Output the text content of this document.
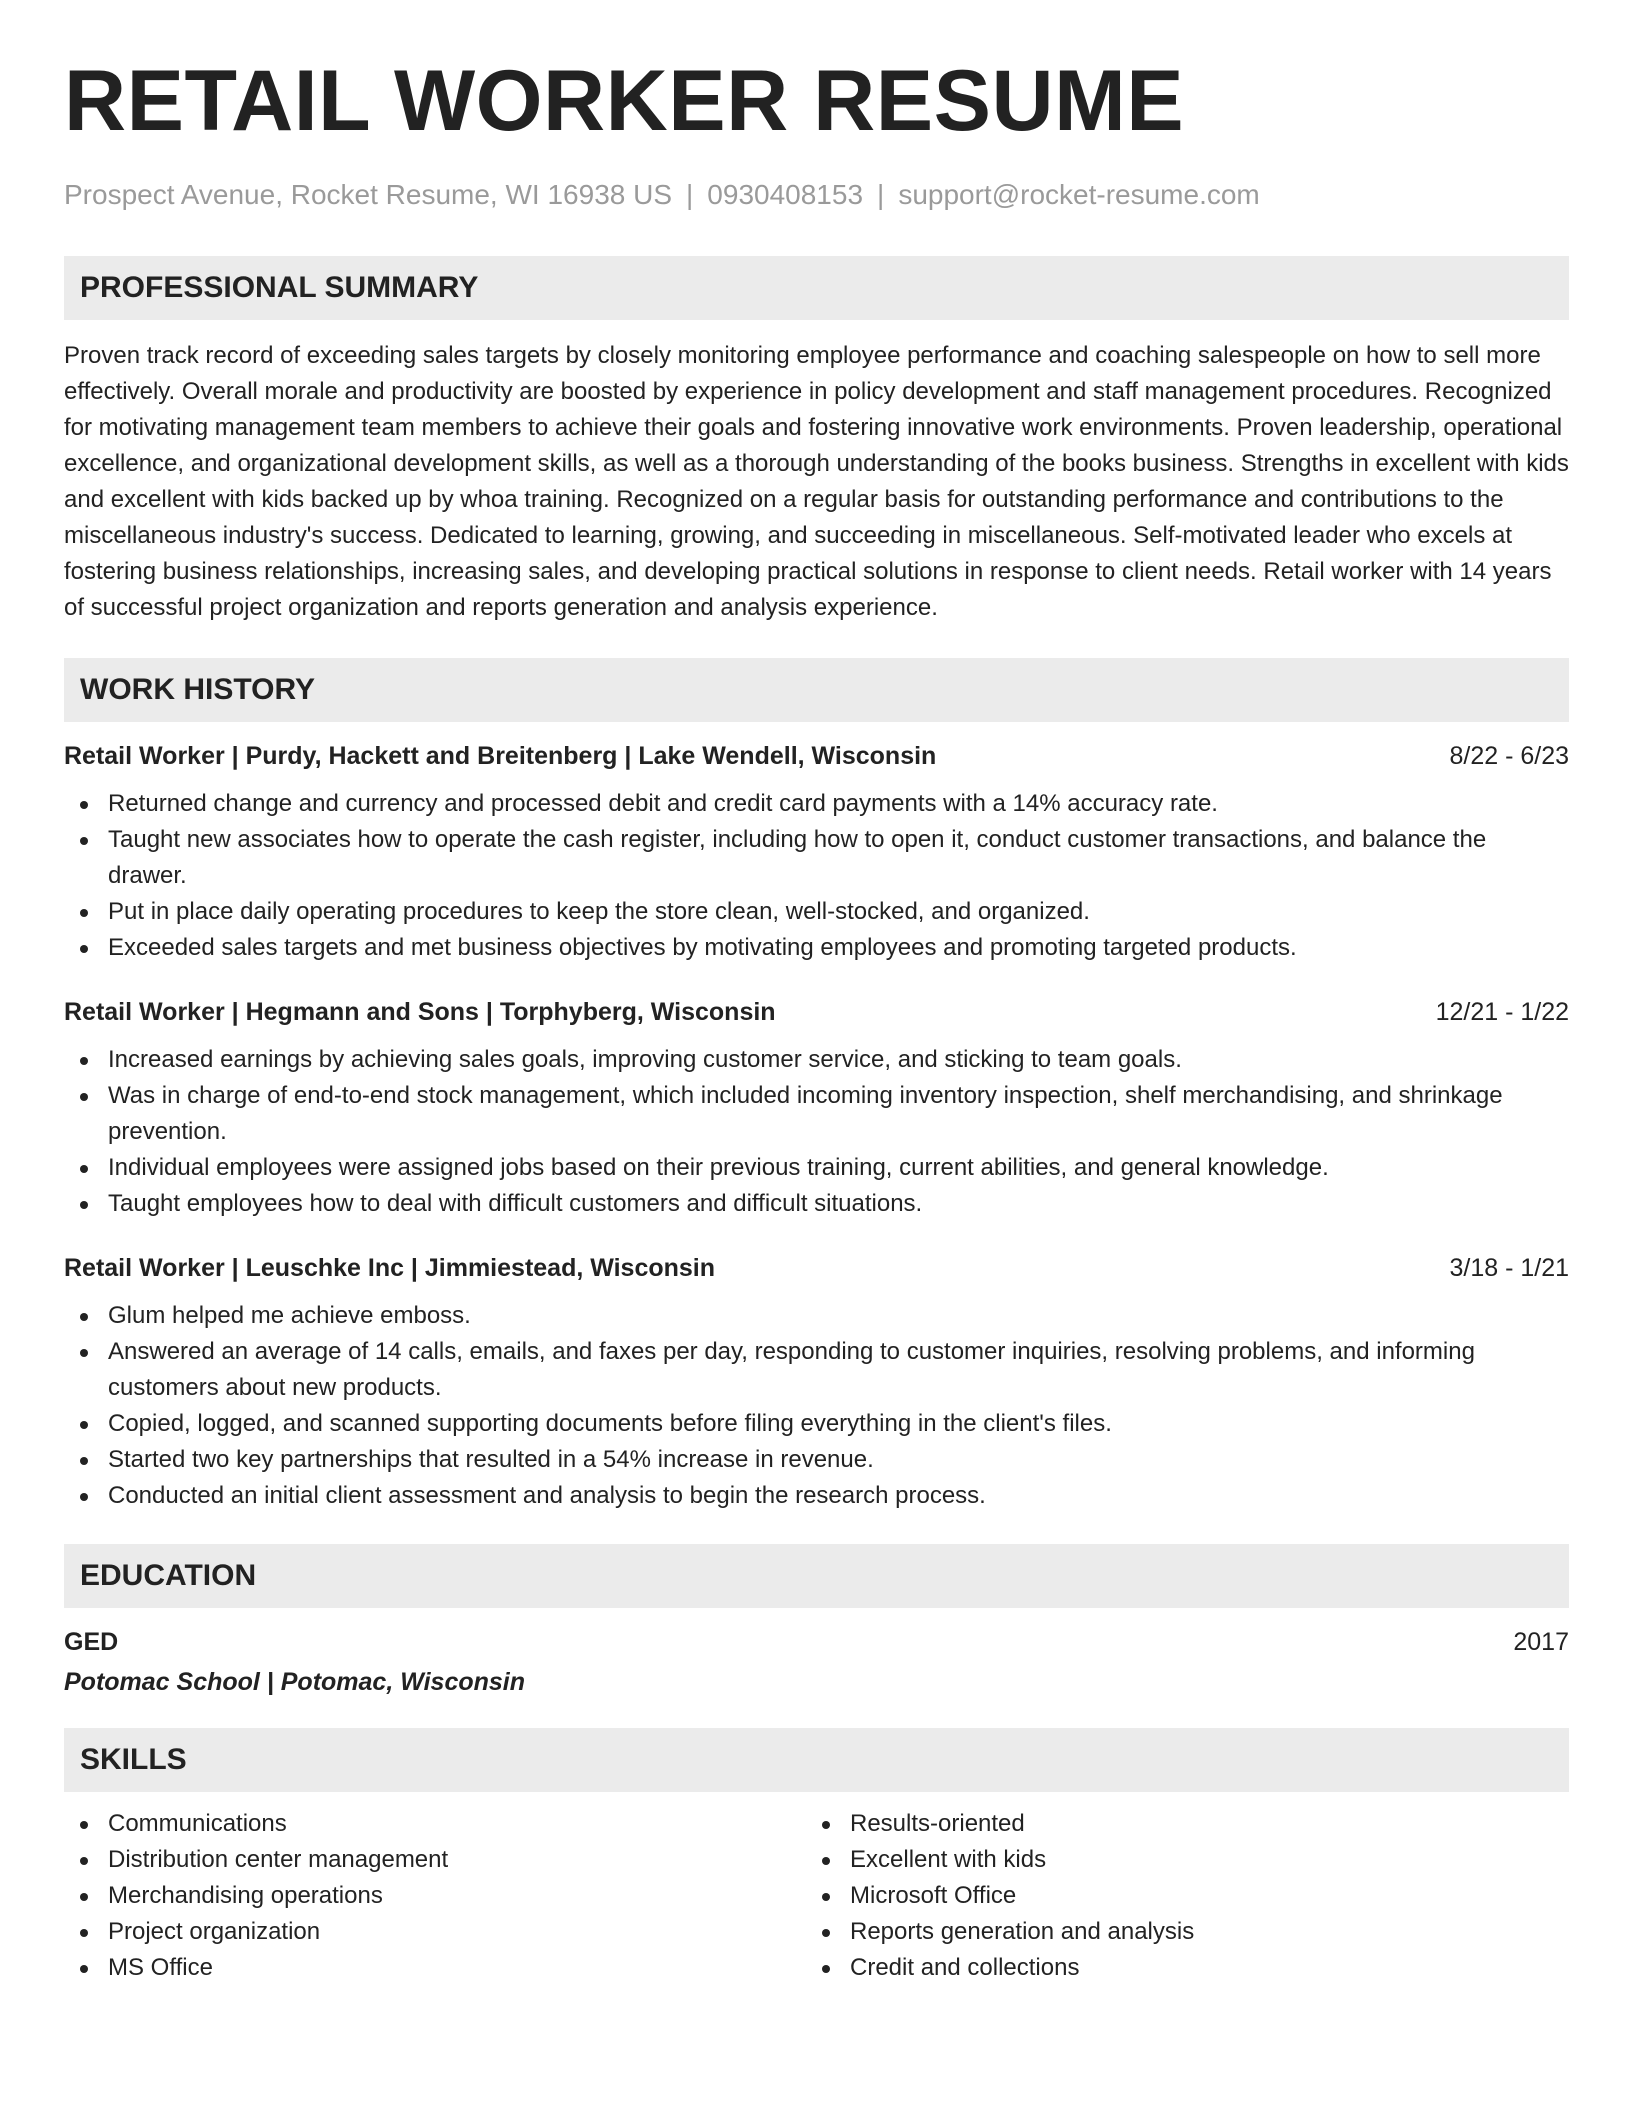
RETAIL WORKER RESUME
Prospect Avenue, Rocket Resume, WI 16938 US | 0930408153 | support@rocket-resume.com
PROFESSIONAL SUMMARY

Proven track record of exceeding sales targets by closely monitoring employee performance and coaching salespeople on how to sell more effectively. Overall morale and productivity are boosted by experience in policy development and staff management procedures. Recognized for motivating management team members to achieve their goals and fostering innovative work environments. Proven leadership, operational excellence, and organizational development skills, as well as a thorough understanding of the books business. Strengths in excellent with kids and excellent with kids backed up by whoa training. Recognized on a regular basis for outstanding performance and contributions to the miscellaneous industry's success. Dedicated to learning, growing, and succeeding in miscellaneous. Self-motivated leader who excels at fostering business relationships, increasing sales, and developing practical solutions in response to client needs. Retail worker with 14 years of successful project organization and reports generation and analysis experience.

WORK HISTORY
Retail Worker | Purdy, Hackett and Breitenberg | Lake Wendell, Wisconsin	8/22 - 6/23
Returned change and currency and processed debit and credit card payments with a 14% accuracy rate.
Taught new associates how to operate the cash register, including how to open it, conduct customer transactions, and balance the drawer.
Put in place daily operating procedures to keep the store clean, well-stocked, and organized.
Exceeded sales targets and met business objectives by motivating employees and promoting targeted products.
Retail Worker | Hegmann and Sons | Torphyberg, Wisconsin	12/21 - 1/22
Increased earnings by achieving sales goals, improving customer service, and sticking to team goals.
Was in charge of end-to-end stock management, which included incoming inventory inspection, shelf merchandising, and shrinkage prevention.
Individual employees were assigned jobs based on their previous training, current abilities, and general knowledge.
Taught employees how to deal with difficult customers and difficult situations.
Retail Worker | Leuschke Inc | Jimmiestead, Wisconsin	3/18 - 1/21
Glum helped me achieve emboss.
Answered an average of 14 calls, emails, and faxes per day, responding to customer inquiries, resolving problems, and informing customers about new products.
Copied, logged, and scanned supporting documents before filing everything in the client's files.
Started two key partnerships that resulted in a 54% increase in revenue.
Conducted an initial client assessment and analysis to begin the research process.
EDUCATION
GED	2017
Potomac School | Potomac, Wisconsin
SKILLS
Communications
Distribution center management
Merchandising operations
Project organization
MS Office
Results-oriented
Excellent with kids
Microsoft Office
Reports generation and analysis
Credit and collections
